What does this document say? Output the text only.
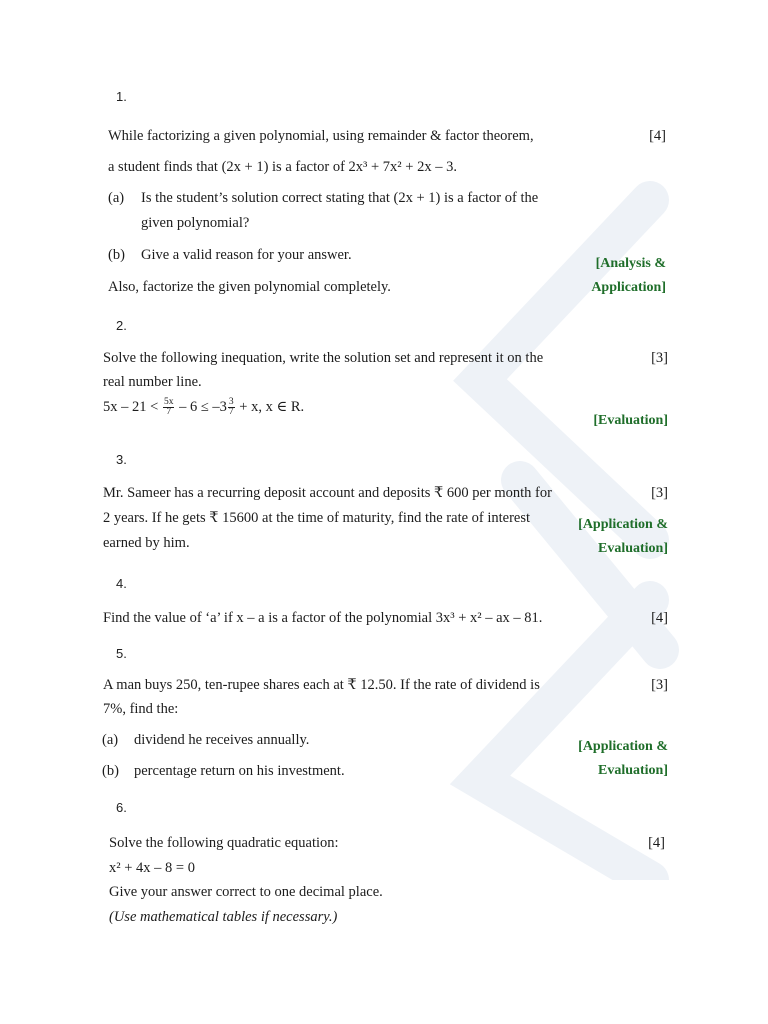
1.
While factorizing a given polynomial, using remainder & factor theorem,	[4]
a student finds that (2x + 1) is a factor of 2x³ + 7x² + 2x – 3.
(a) Is the student’s solution correct stating that (2x + 1) is a factor of the
given polynomial?
(b) Give a valid reason for your answer.
Also, factorize the given polynomial completely.
[Analysis &
Application]
2.
Solve the following inequation, write the solution set and represent it on the	[3]
real number line.
$5x - 21 < \frac{5x}{7} - 6 \le -3 \frac{3}{7} + x$, x ∈ R.
[Evaluation]
3.
Mr. Sameer has a recurring deposit account and deposits ₹ 600 per month for	[3]
2 years. If he gets ₹ 15600 at the time of maturity, find the rate of interest
earned by him.
[Application &
Evaluation]
4.
Find the value of ‘a’ if x – a is a factor of the polynomial 3x³ + x² – ax – 81.	[4]
5.
A man buys 250, ten-rupee shares each at ₹ 12.50. If the rate of dividend is	[3]
7%, find the:
(a) dividend he receives annually.
(b) percentage return on his investment.
[Application &
Evaluation]
6.
Solve the following quadratic equation:	[4]
x² + 4x – 8 = 0
Give your answer correct to one decimal place.
(Use mathematical tables if necessary.)
